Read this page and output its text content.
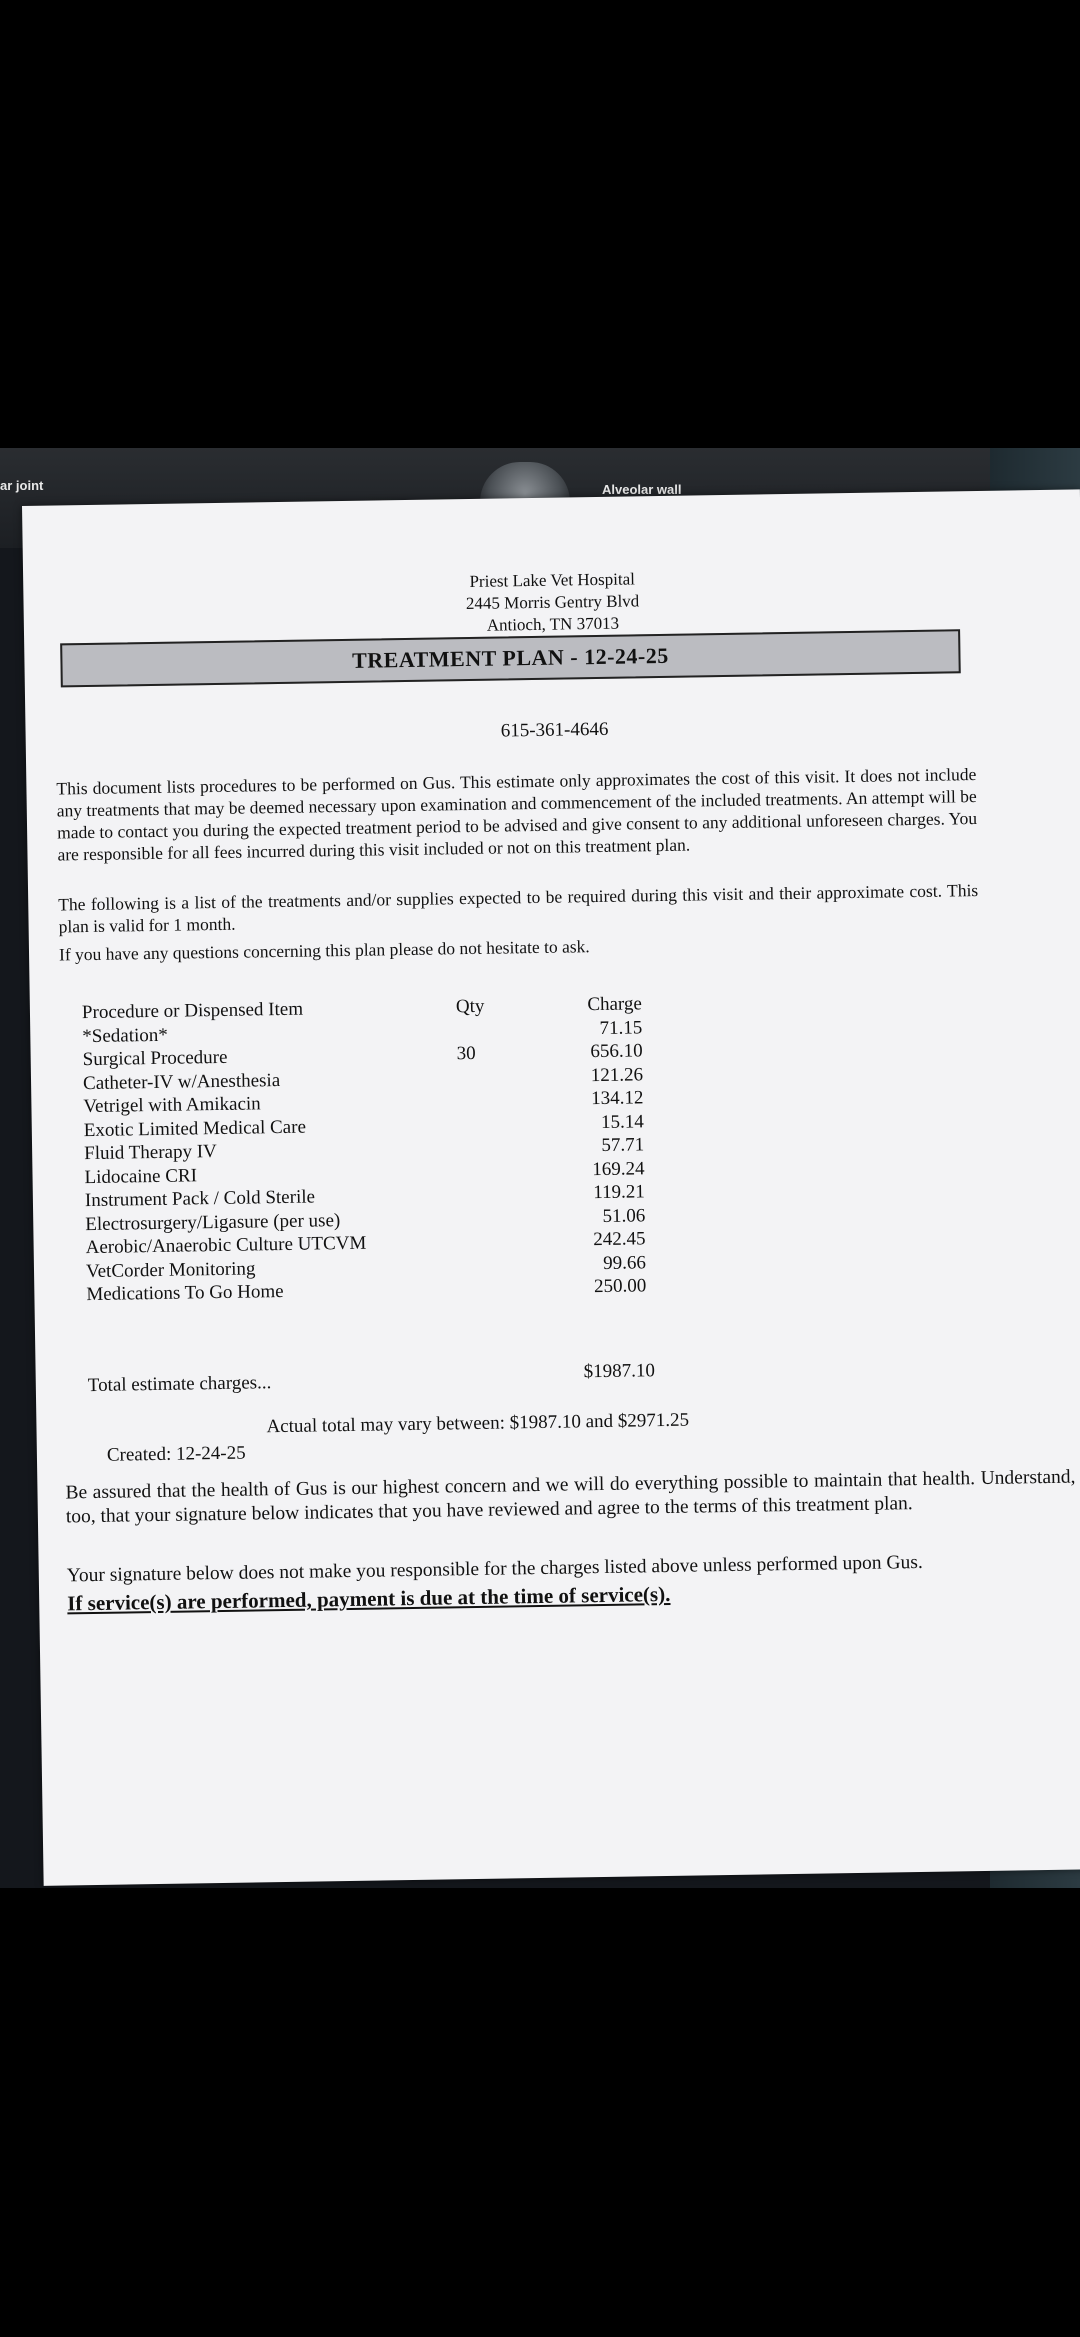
ar joint	Alveolar wall
Priest Lake Vet Hospital
2445 Morris Gentry Blvd
Antioch, TN 37013
TREATMENT PLAN - 12-24-25
615-361-4646
This document lists procedures to be performed on Gus. This estimate only approximates the cost of this visit. It does not include any treatments that may be deemed necessary upon examination and commencement of the included treatments. An attempt will be made to contact you during the expected treatment period to be advised and give consent to any additional unforeseen charges. You are responsible for all fees incurred during this visit included or not on this treatment plan.
The following is a list of the treatments and/or supplies expected to be required during this visit and their approximate cost. This plan is valid for 1 month.
If you have any questions concerning this plan please do not hesitate to ask.
Procedure or Dispensed Item
*Sedation*
Surgical Procedure
Catheter-IV w/Anesthesia
Vetrigel with Amikacin
Exotic Limited Medical Care
Fluid Therapy IV
Lidocaine CRI
Instrument Pack / Cold Sterile
Electrosurgery/Ligasure (per use)
Aerobic/Anaerobic Culture UTCVM
VetCorder Monitoring
Medications To Go Home
Qty
30
Charge
71.15
656.10
121.26
134.12
15.14
57.71
169.24
119.21
51.06
242.45
99.66
250.00
Total estimate charges...
$1987.10
Actual total may vary between: $1987.10 and $2971.25
Created: 12-24-25
Be assured that the health of Gus is our highest concern and we will do everything possible to maintain that health. Understand, too, that your signature below indicates that you have reviewed and agree to the terms of this treatment plan.
Your signature below does not make you responsible for the charges listed above unless performed upon Gus.
If service(s) are performed, payment is due at the time of service(s).
